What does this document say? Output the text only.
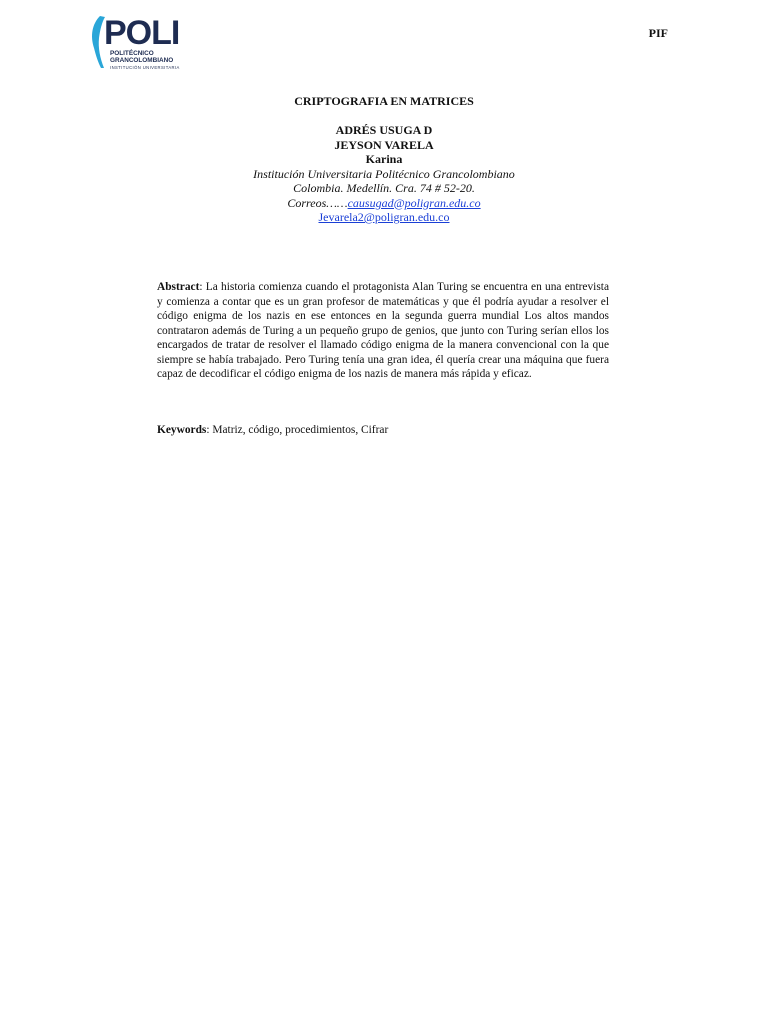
POLI
POLITÉCNICO
GRANCOLOMBIANO
INSTITUCIÓN UNIVERSITARIA
PIF
CRIPTOGRAFIA EN MATRICES
ADRÉS USUGA D
JEYSON VARELA
Karina
Institución Universitaria Politécnico Grancolombiano
Colombia. Medellín. Cra. 74 # 52-20.
Correos……causugad@poligran.edu.co
Jevarela2@poligran.edu.co
Abstract: La historia comienza cuando el protagonista Alan Turing se encuentra en una entrevista y comienza a contar que es un gran profesor de matemáticas y que él podría ayudar a resolver el código enigma de los nazis en ese entonces en la segunda guerra mundial Los altos mandos contrataron además de Turing a un pequeño grupo de genios, que junto con Turing serían ellos los encargados de tratar de resolver el llamado código enigma de la manera convencional con la que siempre se había trabajado. Pero Turing tenía una gran idea, él quería crear una máquina que fuera capaz de decodificar el código enigma de los nazis de manera más rápida y eficaz.
Keywords: Matriz, código, procedimientos, Cifrar
